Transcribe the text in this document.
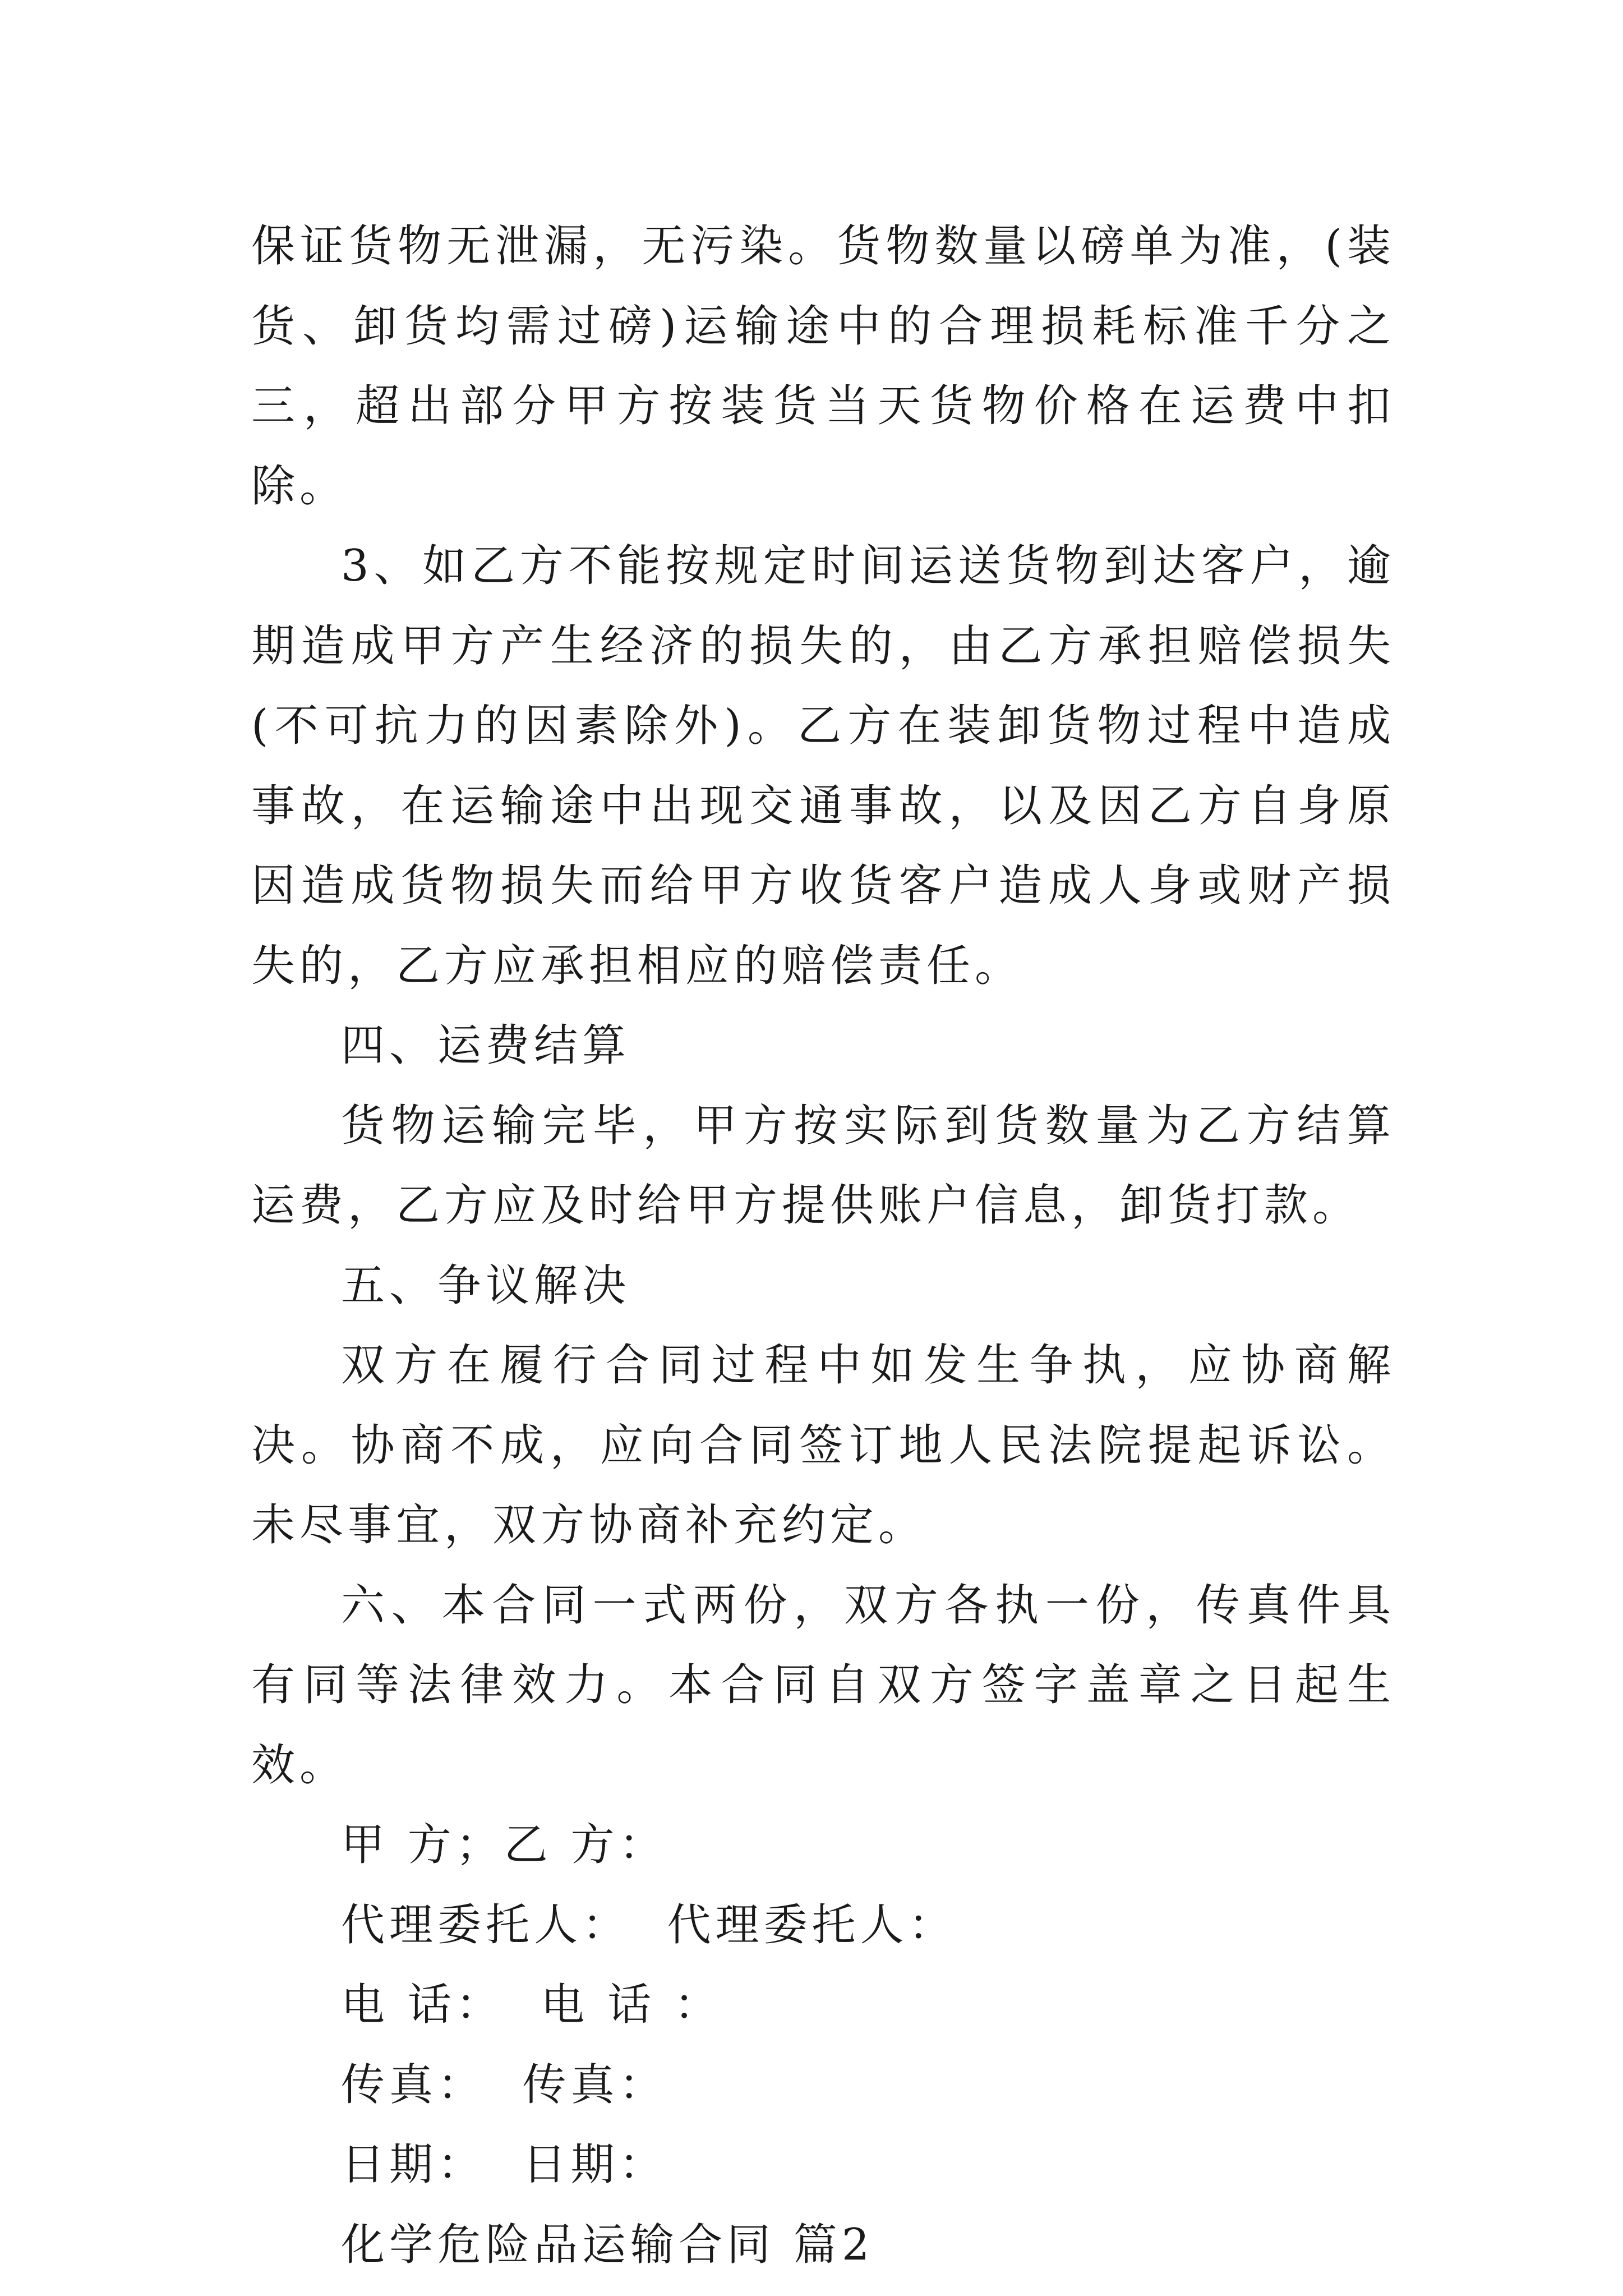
保证货物无泄漏，无污染。货物数量以磅单为准，(装货、卸货均需过磅)运输途中的合理损耗标准千分之三，超出部分甲方按装货当天货物价格在运费中扣除。

3、如乙方不能按规定时间运送货物到达客户，逾期造成甲方产生经济的损失的，由乙方承担赔偿损失(不可抗力的因素除外)。乙方在装卸货物过程中造成事故，在运输途中出现交通事故，以及因乙方自身原因造成货物损失而给甲方收货客户造成人身或财产损失的，乙方应承担相应的赔偿责任。

四、运费结算

货物运输完毕，甲方按实际到货数量为乙方结算运费，乙方应及时给甲方提供账户信息，卸货打款。

五、争议解决

双方在履行合同过程中如发生争执，应协商解决。协商不成，应向合同签订地人民法院提起诉讼。未尽事宜，双方协商补充约定。

六、本合同一式两份，双方各执一份，传真件具有同等法律效力。本合同自双方签字盖章之日起生效。

甲 方；乙 方：
代理委托人：  代理委托人：
电 话：  电 话 ：
传真：  传真：
日期：  日期：
化学危险品运输合同 篇2
